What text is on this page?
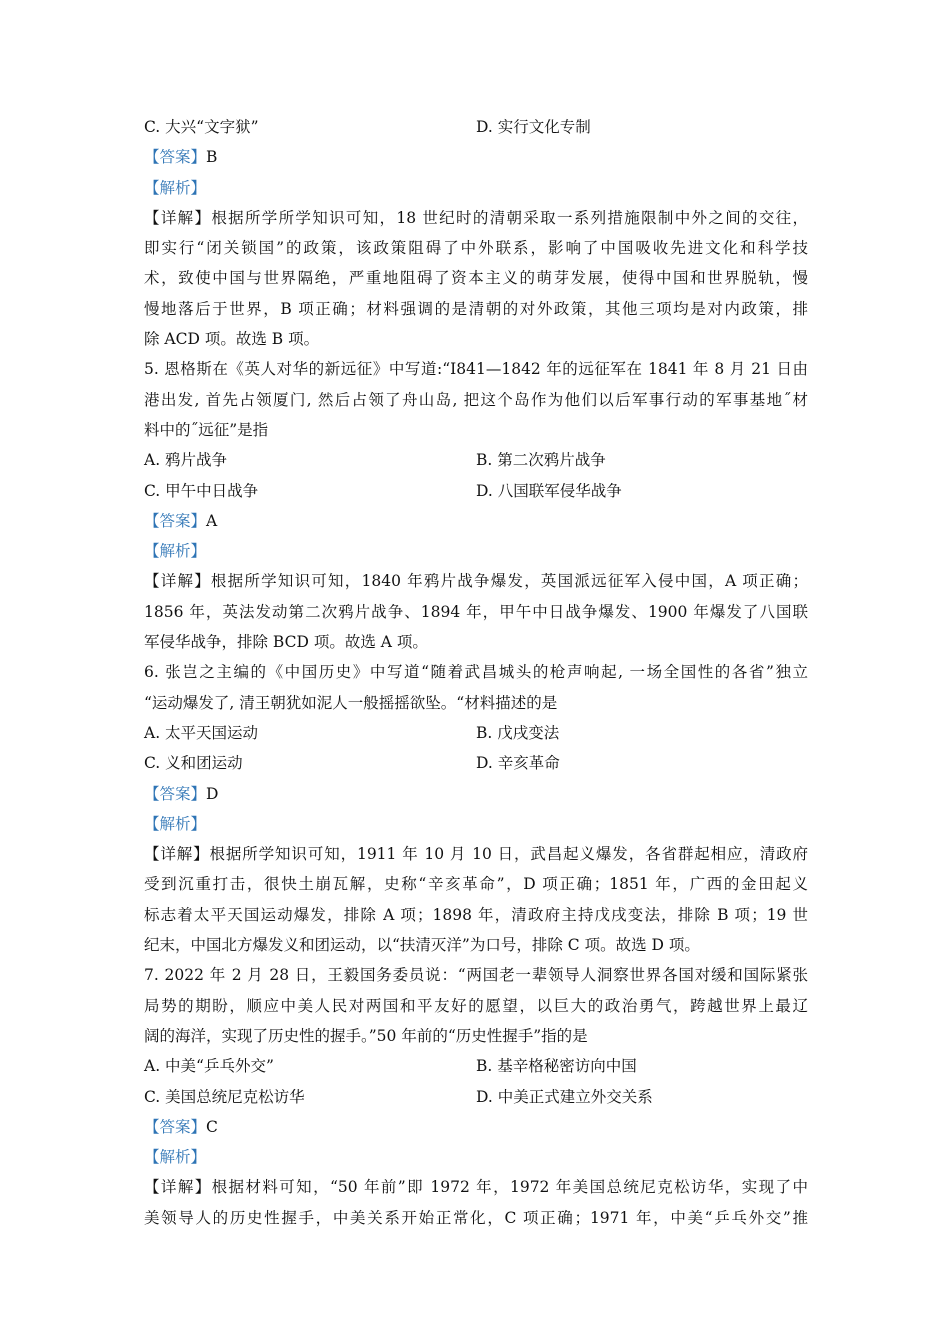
C. 大兴“文字狱”	D. 实行文化专制
【答案】B
【解析】
【详解】根据所学所学知识可知，18 世纪时的清朝采取一系列措施限制中外之间的交往，
即实行“闭关锁国”的政策，该政策阻碍了中外联系，影响了中国吸收先进文化和科学技
术，致使中国与世界隔绝，严重地阻碍了资本主义的萌芽发展，使得中国和世界脱轨，慢
慢地落后于世界，B 项正确；材料强调的是清朝的对外政策，其他三项均是对内政策，排
除 ACD 项。故选 B 项。
5. 恩格斯在《英人对华的新远征》中写道:“I841—1842 年的远征军在 1841 年 8 月 21 日由
港出发, 首先占领厦门, 然后占领了舟山岛, 把这个岛作为他们以后军事行动的军事基地˝材
料中的˝远征”是指
A. 鸦片战争	B. 第二次鸦片战争
C. 甲午中日战争	D. 八国联军侵华战争
【答案】A
【解析】
【详解】根据所学知识可知，1840 年鸦片战争爆发，英国派远征军入侵中国，A 项正确；
1856 年，英法发动第二次鸦片战争、1894 年，甲午中日战争爆发、1900 年爆发了八国联
军侵华战争，排除 BCD 项。故选 A 项。
6. 张岂之主编的《中国历史》中写道“随着武昌城头的枪声响起, 一场全国性的各省”独立
“运动爆发了, 清王朝犹如泥人一般摇摇欲坠。“材料描述的是
A. 太平天国运动	B. 戊戌变法
C. 义和团运动	D. 辛亥革命
【答案】D
【解析】
【详解】根据所学知识可知，1911 年 10 月 10 日，武昌起义爆发，各省群起相应，清政府
受到沉重打击，很快土崩瓦解，史称“辛亥革命”，D 项正确；1851 年，广西的金田起义
标志着太平天国运动爆发，排除 A 项；1898 年，清政府主持戊戌变法，排除 B 项；19 世
纪末，中国北方爆发义和团运动，以“扶清灭洋”为口号，排除 C 项。故选 D 项。
7. 2022 年 2 月 28 日，王毅国务委员说：“两国老一辈领导人洞察世界各国对缓和国际紧张
局势的期盼，顺应中美人民对两国和平友好的愿望，以巨大的政治勇气，跨越世界上最辽
阔的海洋，实现了历史性的握手。”50 年前的“历史性握手”指的是
A. 中美“乒乓外交”	B. 基辛格秘密访向中国
C. 美国总统尼克松访华	D. 中美正式建立外交关系
【答案】C
【解析】
【详解】根据材料可知，“50 年前”即 1972 年，1972 年美国总统尼克松访华，实现了中
美领导人的历史性握手，中美关系开始正常化，C 项正确；1971 年，中美“乒乓外交”推
